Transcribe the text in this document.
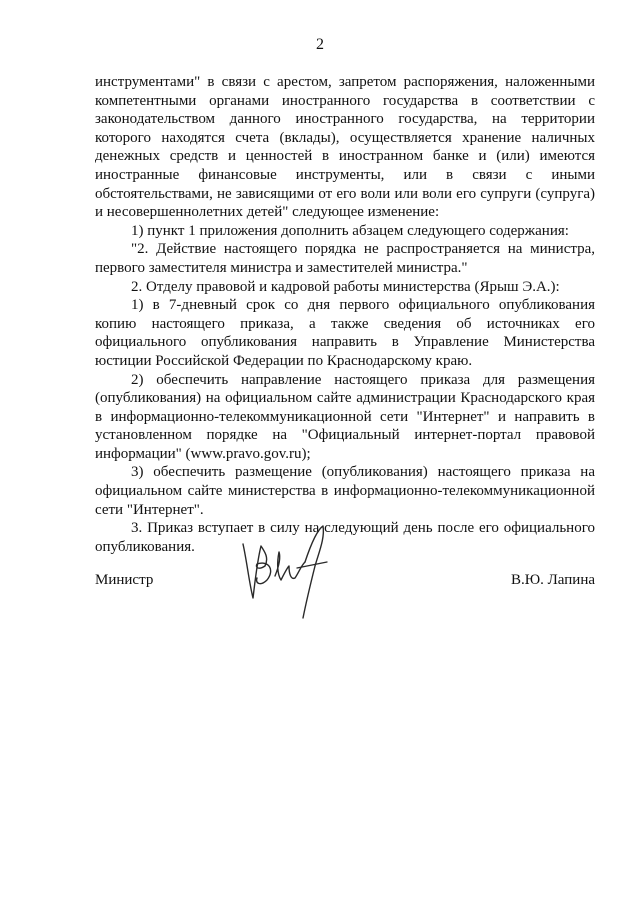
2

инструментами" в связи с арестом, запретом распоряжения, наложенными компетентными органами иностранного государства в соответствии с законодательством данного иностранного государства, на территории которого находятся счета (вклады), осуществляется хранение наличных денежных средств и ценностей в иностранном банке и (или) имеются иностранные финансовые инструменты, или в связи с иными обстоятельствами, не зависящими от его воли или воли его супруги (супруга) и несовершеннолетних детей" следующее изменение:

1) пункт 1 приложения дополнить абзацем следующего содержания:

"2. Действие настоящего порядка не распространяется на министра, первого заместителя министра и заместителей министра."

2. Отделу правовой и кадровой работы министерства (Ярыш Э.А.):

1) в 7-дневный срок со дня первого официального опубликования копию настоящего приказа, а также сведения об источниках его официального опубликования направить в Управление Министерства юстиции Российской Федерации по Краснодарскому краю.

2) обеспечить направление настоящего приказа для размещения (опубликования) на официальном сайте администрации Краснодарского края в информационно-телекоммуникационной сети "Интернет" и направить в установленном порядке на "Официальный интернет-портал правовой информации" (www.pravo.gov.ru);

3) обеспечить размещение (опубликования) настоящего приказа на официальном сайте министерства в информационно-телекоммуникационной сети "Интернет".

3. Приказ вступает в силу на следующий день после его официального опубликования.

Министр	В.Ю. Лапина
